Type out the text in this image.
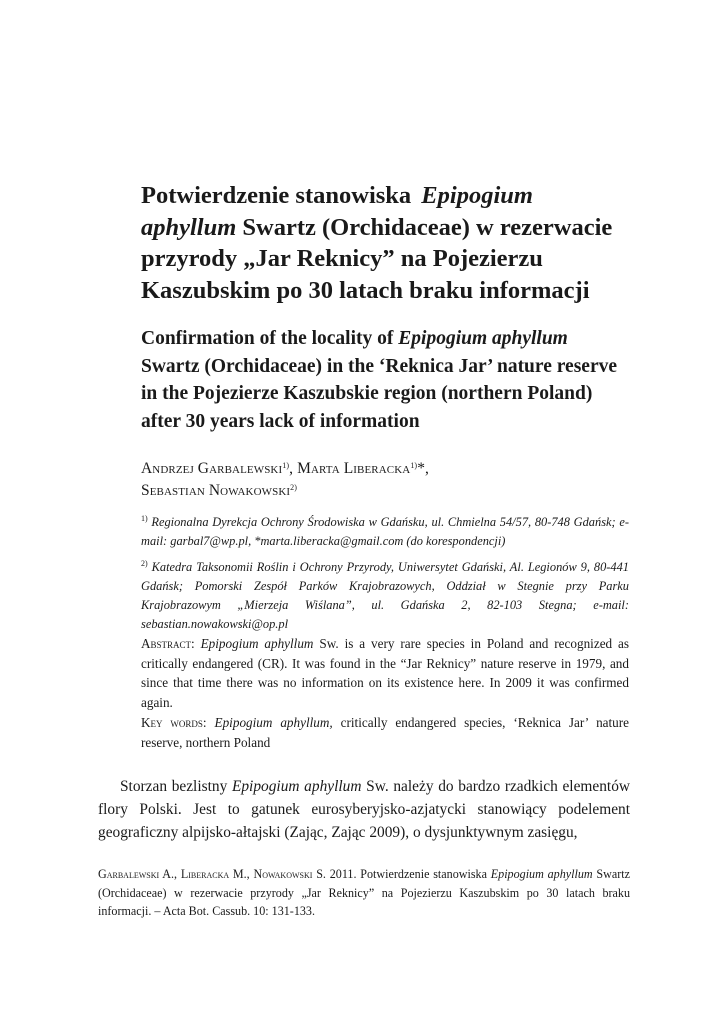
Potwierdzenie stanowiska Epipogium aphyllum Swartz (Orchidaceae) w rezerwacie przyrody „Jar Reknicy” na Pojezierzu Kaszubskim po 30 latach braku informacji
Confirmation of the locality of Epipogium aphyllum Swartz (Orchidaceae) in the ‘Reknica Jar’ nature reserve in the Pojezierze Kaszubskie region (northern Poland) after 30 years lack of information
Andrzej Garbalewski$^{1)}$, Marta Liberacka$^{1)}$*,
Sebastian Nowakowski$^{2)}$
$^{1)}$ Regionalna Dyrekcja Ochrony Środowiska w Gdańsku, ul. Chmielna 54/57, 80-748 Gdańsk; e-mail: garbal7@wp.pl, *marta.liberacka@gmail.com (do korespondencji)
$^{2)}$ Katedra Taksonomii Roślin i Ochrony Przyrody, Uniwersytet Gdański, Al. Legionów 9, 80-441 Gdańsk; Pomorski Zespół Parków Krajobrazowych, Oddział w Stegnie przy Parku Krajobrazowym „Mierzeja Wiślana”, ul. Gdańska 2, 82-103 Stegna; e-mail: sebastian.nowakowski@op.pl
Abstract: Epipogium aphyllum Sw. is a very rare species in Poland and recognized as critically endangered (CR). It was found in the “Jar Reknicy” nature reserve in 1979, and since that time there was no information on its existence here. In 2009 it was confirmed again.
Key words: Epipogium aphyllum, critically endangered species, ‘Reknica Jar’ nature reserve, northern Poland
Storzan bezlistny Epipogium aphyllum Sw. należy do bardzo rzadkich elementów flory Polski. Jest to gatunek eurosyberyjsko-azjatycki stanowiący podelement geograficzny alpijsko-ałtajski (Zając, Zając 2009), o dysjunktywnym zasięgu,
Garbalewski A., Liberacka M., Nowakowski S. 2011. Potwierdzenie stanowiska Epipogium aphyllum Swartz (Orchidaceae) w rezerwacie przyrody „Jar Reknicy” na Pojezierzu Kaszubskim po 30 latach braku informacji. – Acta Bot. Cassub. 10: 131-133.
